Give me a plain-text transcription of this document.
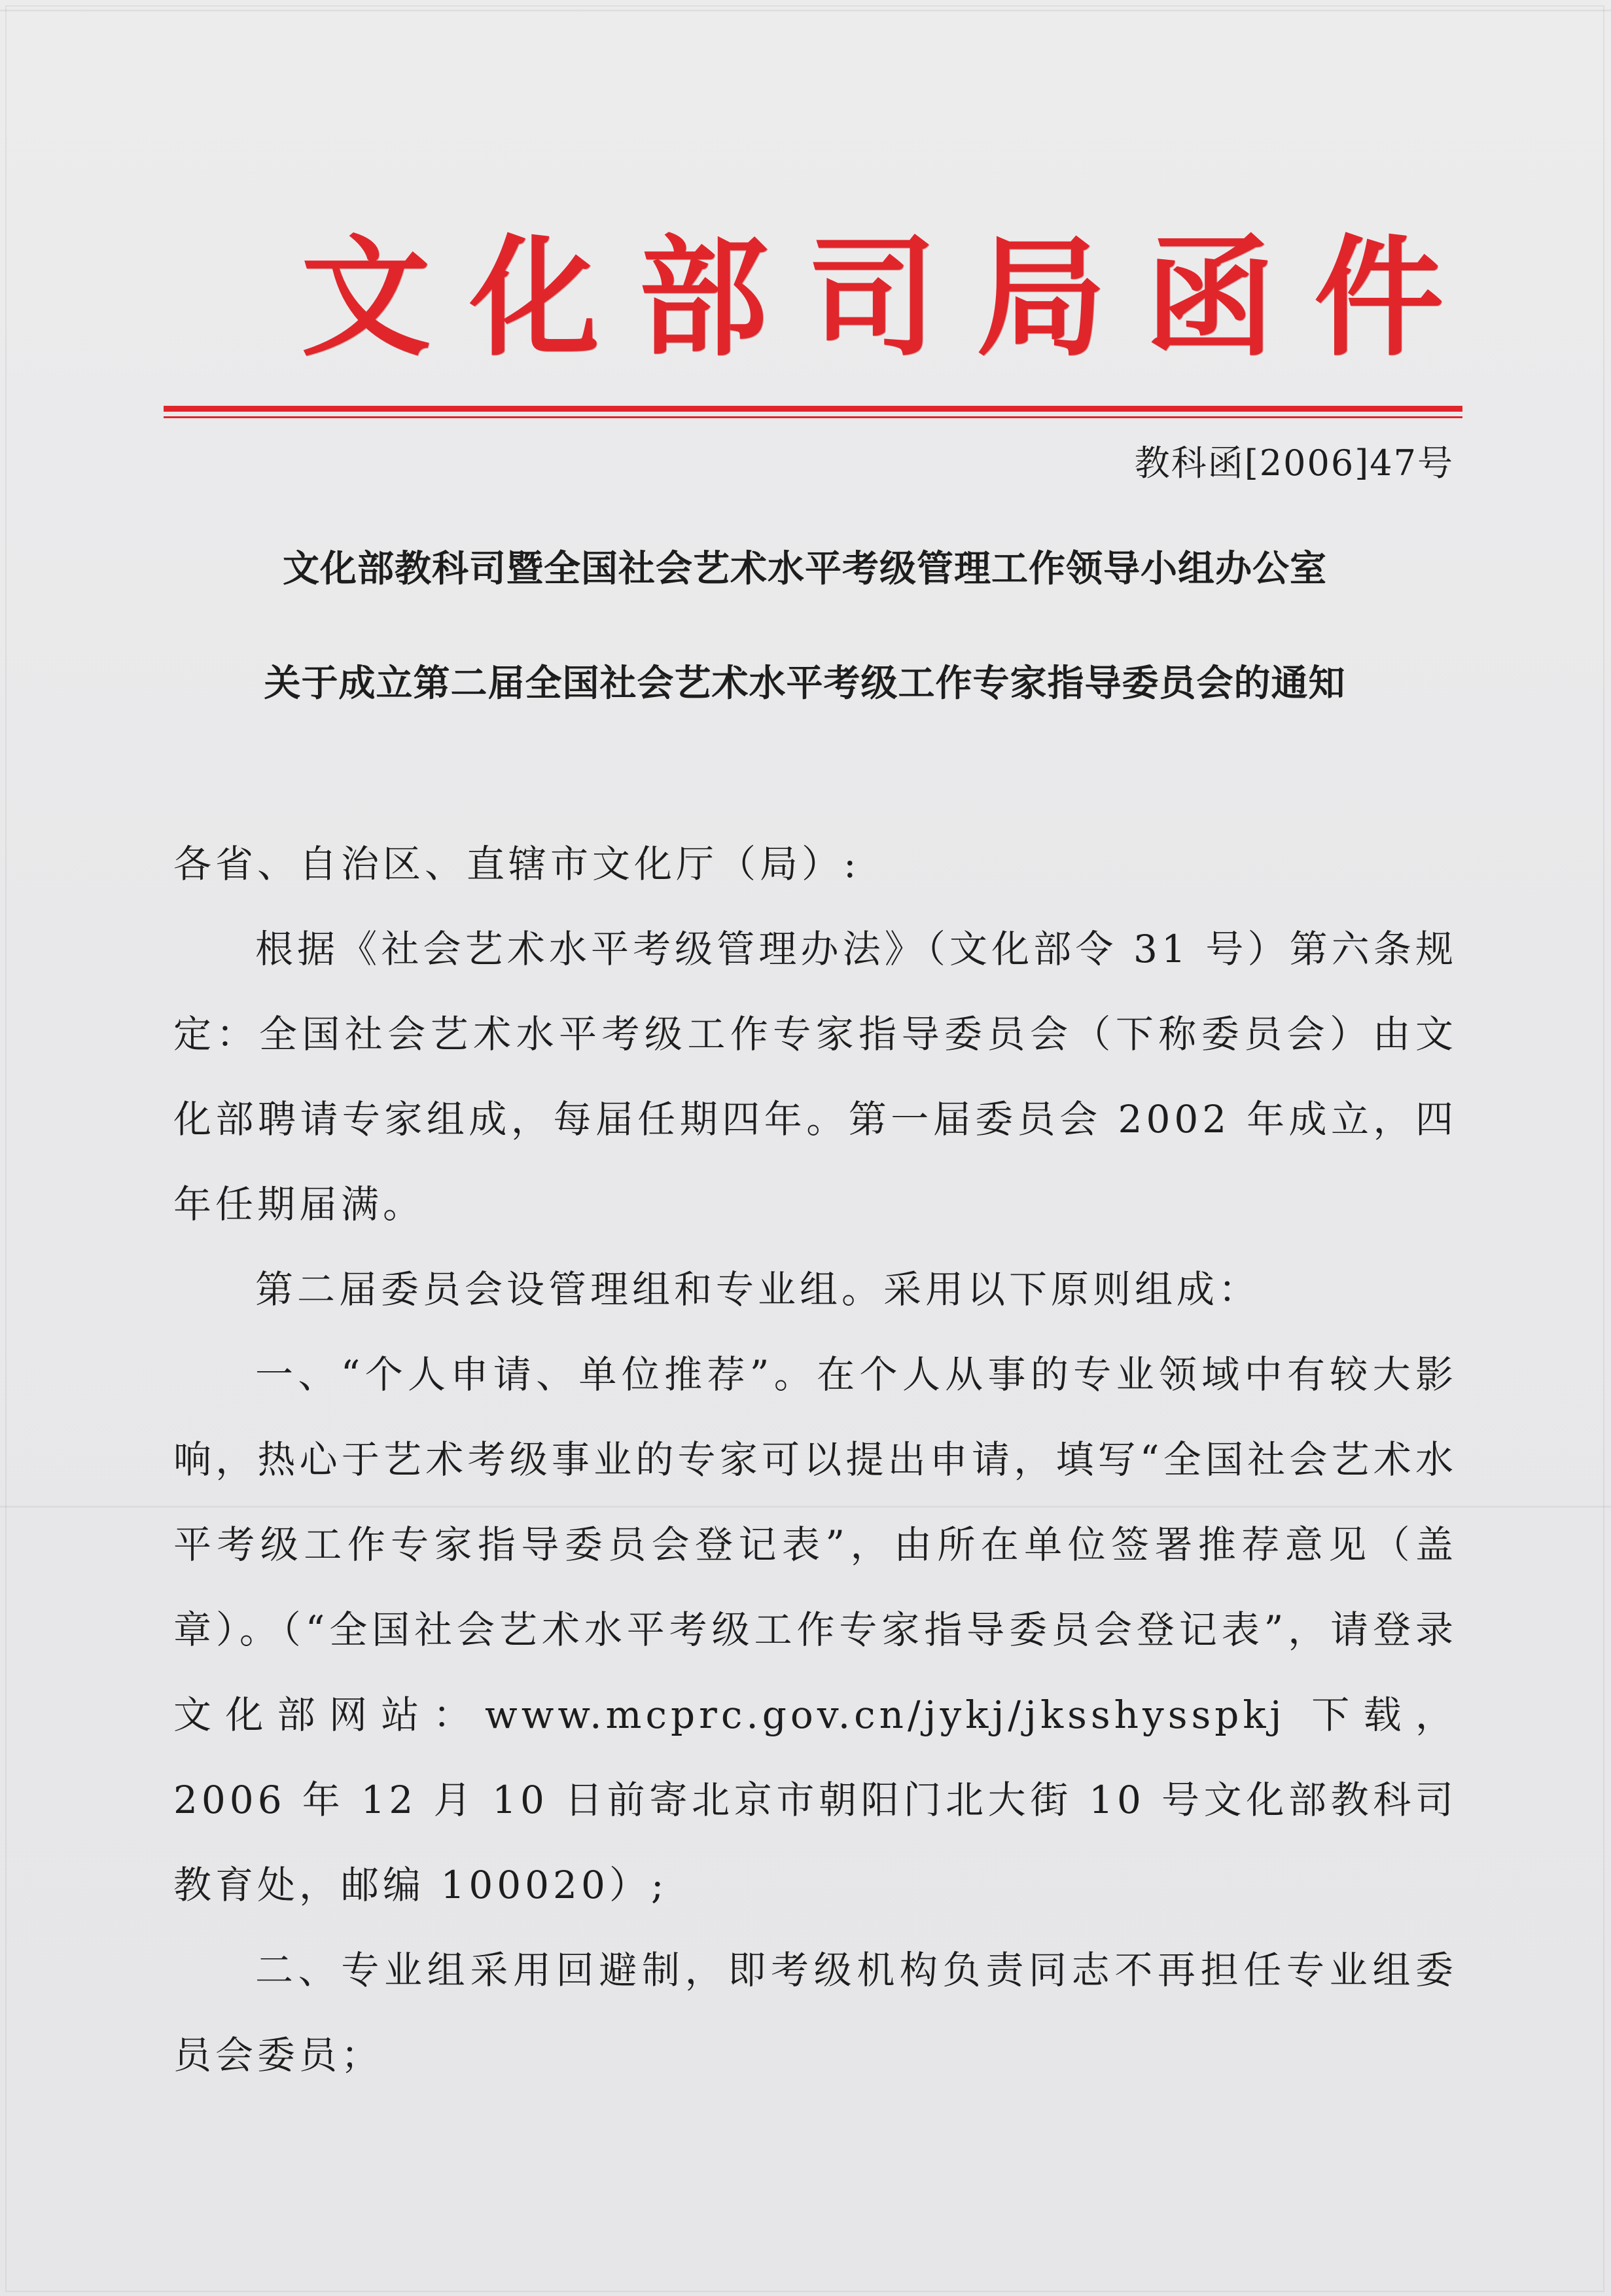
文化部司局函件
教科函[2006]47号
文化部教科司暨全国社会艺术水平考级管理工作领导小组办公室
关于成立第二届全国社会艺术水平考级工作专家指导委员会的通知

各省、自治区、直辖市文化厅（局）:

根据《社会艺术水平考级管理办法》（文化部令 31 号）第六条规定：全国社会艺术水平考级工作专家指导委员会（下称委员会）由文化部聘请专家组成，每届任期四年。第一届委员会 2002 年成立，四年任期届满。

第二届委员会设管理组和专业组。采用以下原则组成：

一、“个人申请、单位推荐”。在个人从事的专业领域中有较大影响，热心于艺术考级事业的专家可以提出申请，填写“全国社会艺术水平考级工作专家指导委员会登记表”，由所在单位签署推荐意见（盖章）。（“全国社会艺术水平考级工作专家指导委员会登记表”，请登录文化部网站：www.mcprc.gov.cn/jykj/jksshysspkj 下载，2006 年 12 月 10 日前寄北京市朝阳门北大街 10 号文化部教科司教育处，邮编 100020）;

二、专业组采用回避制，即考级机构负责同志不再担任专业组委员会委员；
